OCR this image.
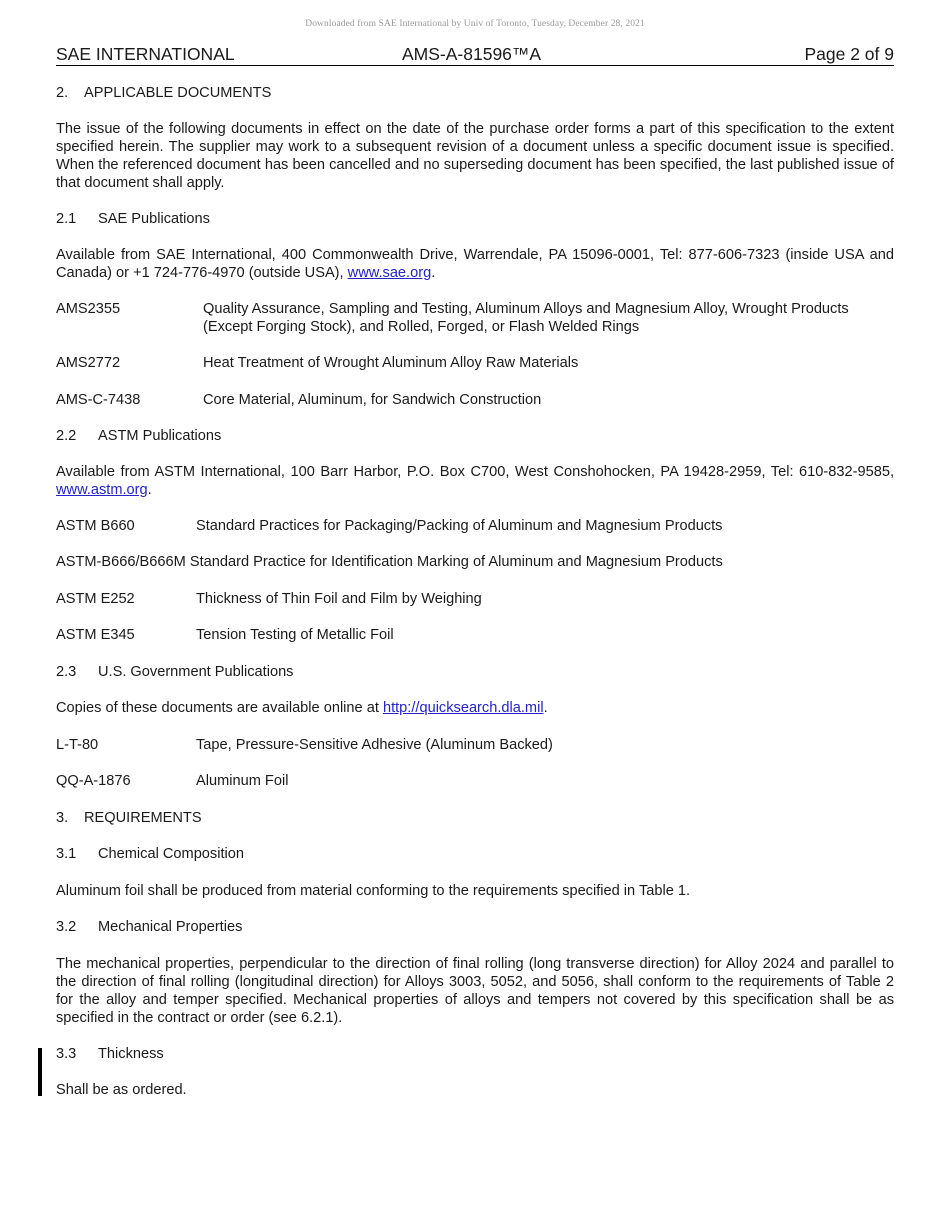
Downloaded from SAE International by Univ of Toronto, Tuesday, December 28, 2021
SAE INTERNATIONAL	AMS-A-81596™A	Page 2 of 9

2. APPLICABLE DOCUMENTS

The issue of the following documents in effect on the date of the purchase order forms a part of this specification to the extent specified herein. The supplier may work to a subsequent revision of a document unless a specific document issue is specified. When the referenced document has been cancelled and no superseding document has been specified, the last published issue of that document shall apply.

2.1 SAE Publications

Available from SAE International, 400 Commonwealth Drive, Warrendale, PA 15096-0001, Tel: 877-606-7323 (inside USA and Canada) or +1 724-776-4970 (outside USA), www.sae.org.

AMS2355	Quality Assurance, Sampling and Testing, Aluminum Alloys and Magnesium Alloy, Wrought Products (Except Forging Stock), and Rolled, Forged, or Flash Welded Rings
AMS2772	Heat Treatment of Wrought Aluminum Alloy Raw Materials
AMS-C-7438	Core Material, Aluminum, for Sandwich Construction

2.2 ASTM Publications

Available from ASTM International, 100 Barr Harbor, P.O. Box C700, West Conshohocken, PA 19428-2959, Tel: 610-832-9585, www.astm.org.

ASTM B660	Standard Practices for Packaging/Packing of Aluminum and Magnesium Products
ASTM-B666/B666M Standard Practice for Identification Marking of Aluminum and Magnesium Products
ASTM E252	Thickness of Thin Foil and Film by Weighing
ASTM E345	Tension Testing of Metallic Foil

2.3 U.S. Government Publications

Copies of these documents are available online at http://quicksearch.dla.mil.

L-T-80	Tape, Pressure-Sensitive Adhesive (Aluminum Backed)
QQ-A-1876	Aluminum Foil

3. REQUIREMENTS

3.1 Chemical Composition

Aluminum foil shall be produced from material conforming to the requirements specified in Table 1.

3.2 Mechanical Properties

The mechanical properties, perpendicular to the direction of final rolling (long transverse direction) for Alloy 2024 and parallel to the direction of final rolling (longitudinal direction) for Alloys 3003, 5052, and 5056, shall conform to the requirements of Table 2 for the alloy and temper specified. Mechanical properties of alloys and tempers not covered by this specification shall be as specified in the contract or order (see 6.2.1).

3.3 Thickness

Shall be as ordered.
